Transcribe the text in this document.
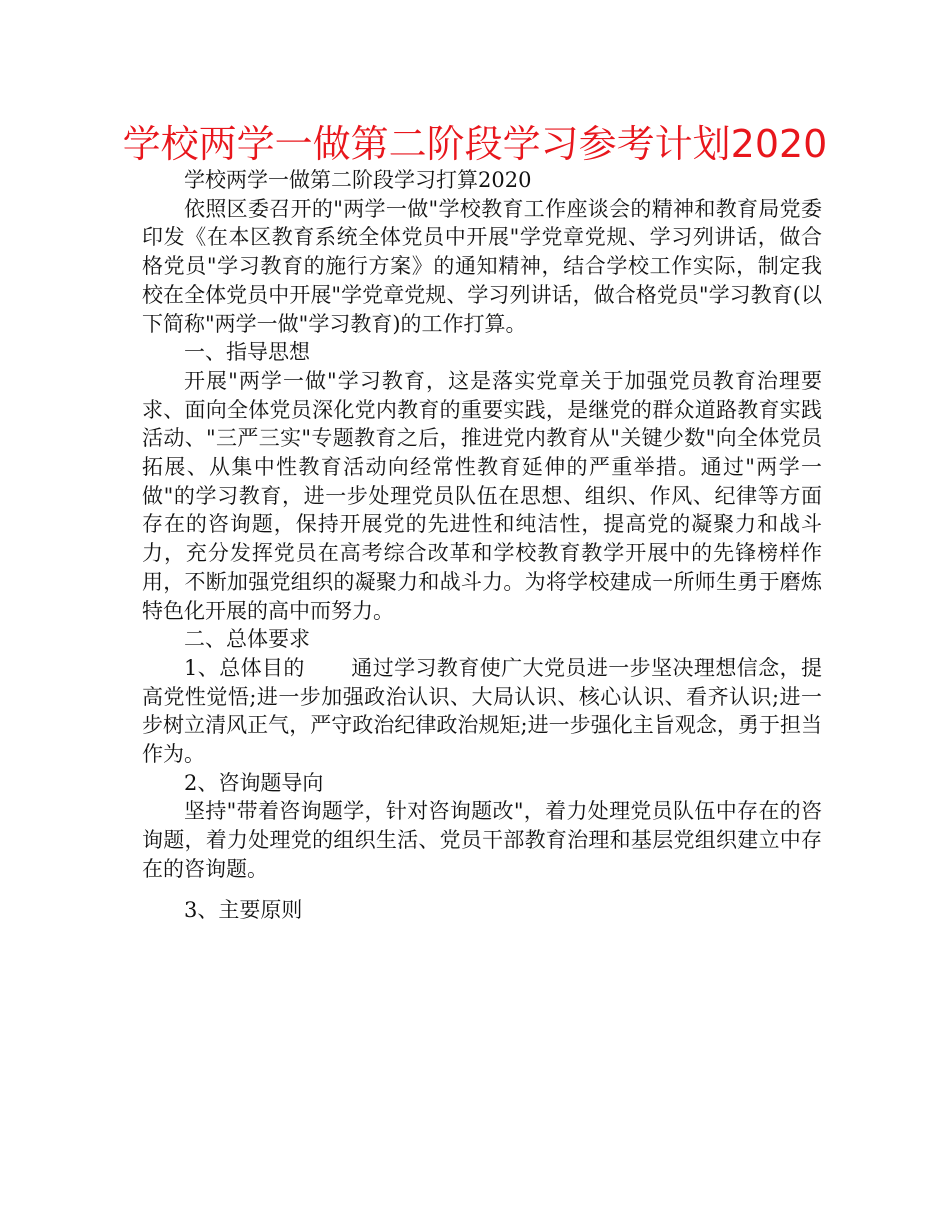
学校两学一做第二阶段学习参考计划2020

学校两学一做第二阶段学习打算2020

依照区委召开的"两学一做"学校教育工作座谈会的精神和教育局党委印发《在本区教育系统全体党员中开展"学党章党规、学习列讲话，做合格党员"学习教育的施行方案》的通知精神，结合学校工作实际，制定我校在全体党员中开展"学党章党规、学习列讲话，做合格党员"学习教育(以下简称"两学一做"学习教育)的工作打算。

一、指导思想

开展"两学一做"学习教育，这是落实党章关于加强党员教育治理要求、面向全体党员深化党内教育的重要实践，是继党的群众道路教育实践活动、"三严三实"专题教育之后，推进党内教育从"关键少数"向全体党员拓展、从集中性教育活动向经常性教育延伸的严重举措。通过"两学一做"的学习教育，进一步处理党员队伍在思想、组织、作风、纪律等方面存在的咨询题，保持开展党的先进性和纯洁性，提高党的凝聚力和战斗力，充分发挥党员在高考综合改革和学校教育教学开展中的先锋榜样作用，不断加强党组织的凝聚力和战斗力。为将学校建成一所师生勇于磨炼特色化开展的高中而努力。

二、总体要求

1、总体目的 通过学习教育使广大党员进一步坚决理想信念，提高党性觉悟;进一步加强政治认识、大局认识、核心认识、看齐认识;进一步树立清风正气，严守政治纪律政治规矩;进一步强化主旨观念，勇于担当作为。

2、咨询题导向

坚持"带着咨询题学，针对咨询题改"，着力处理党员队伍中存在的咨询题，着力处理党的组织生活、党员干部教育治理和基层党组织建立中存在的咨询题。

3、主要原则
